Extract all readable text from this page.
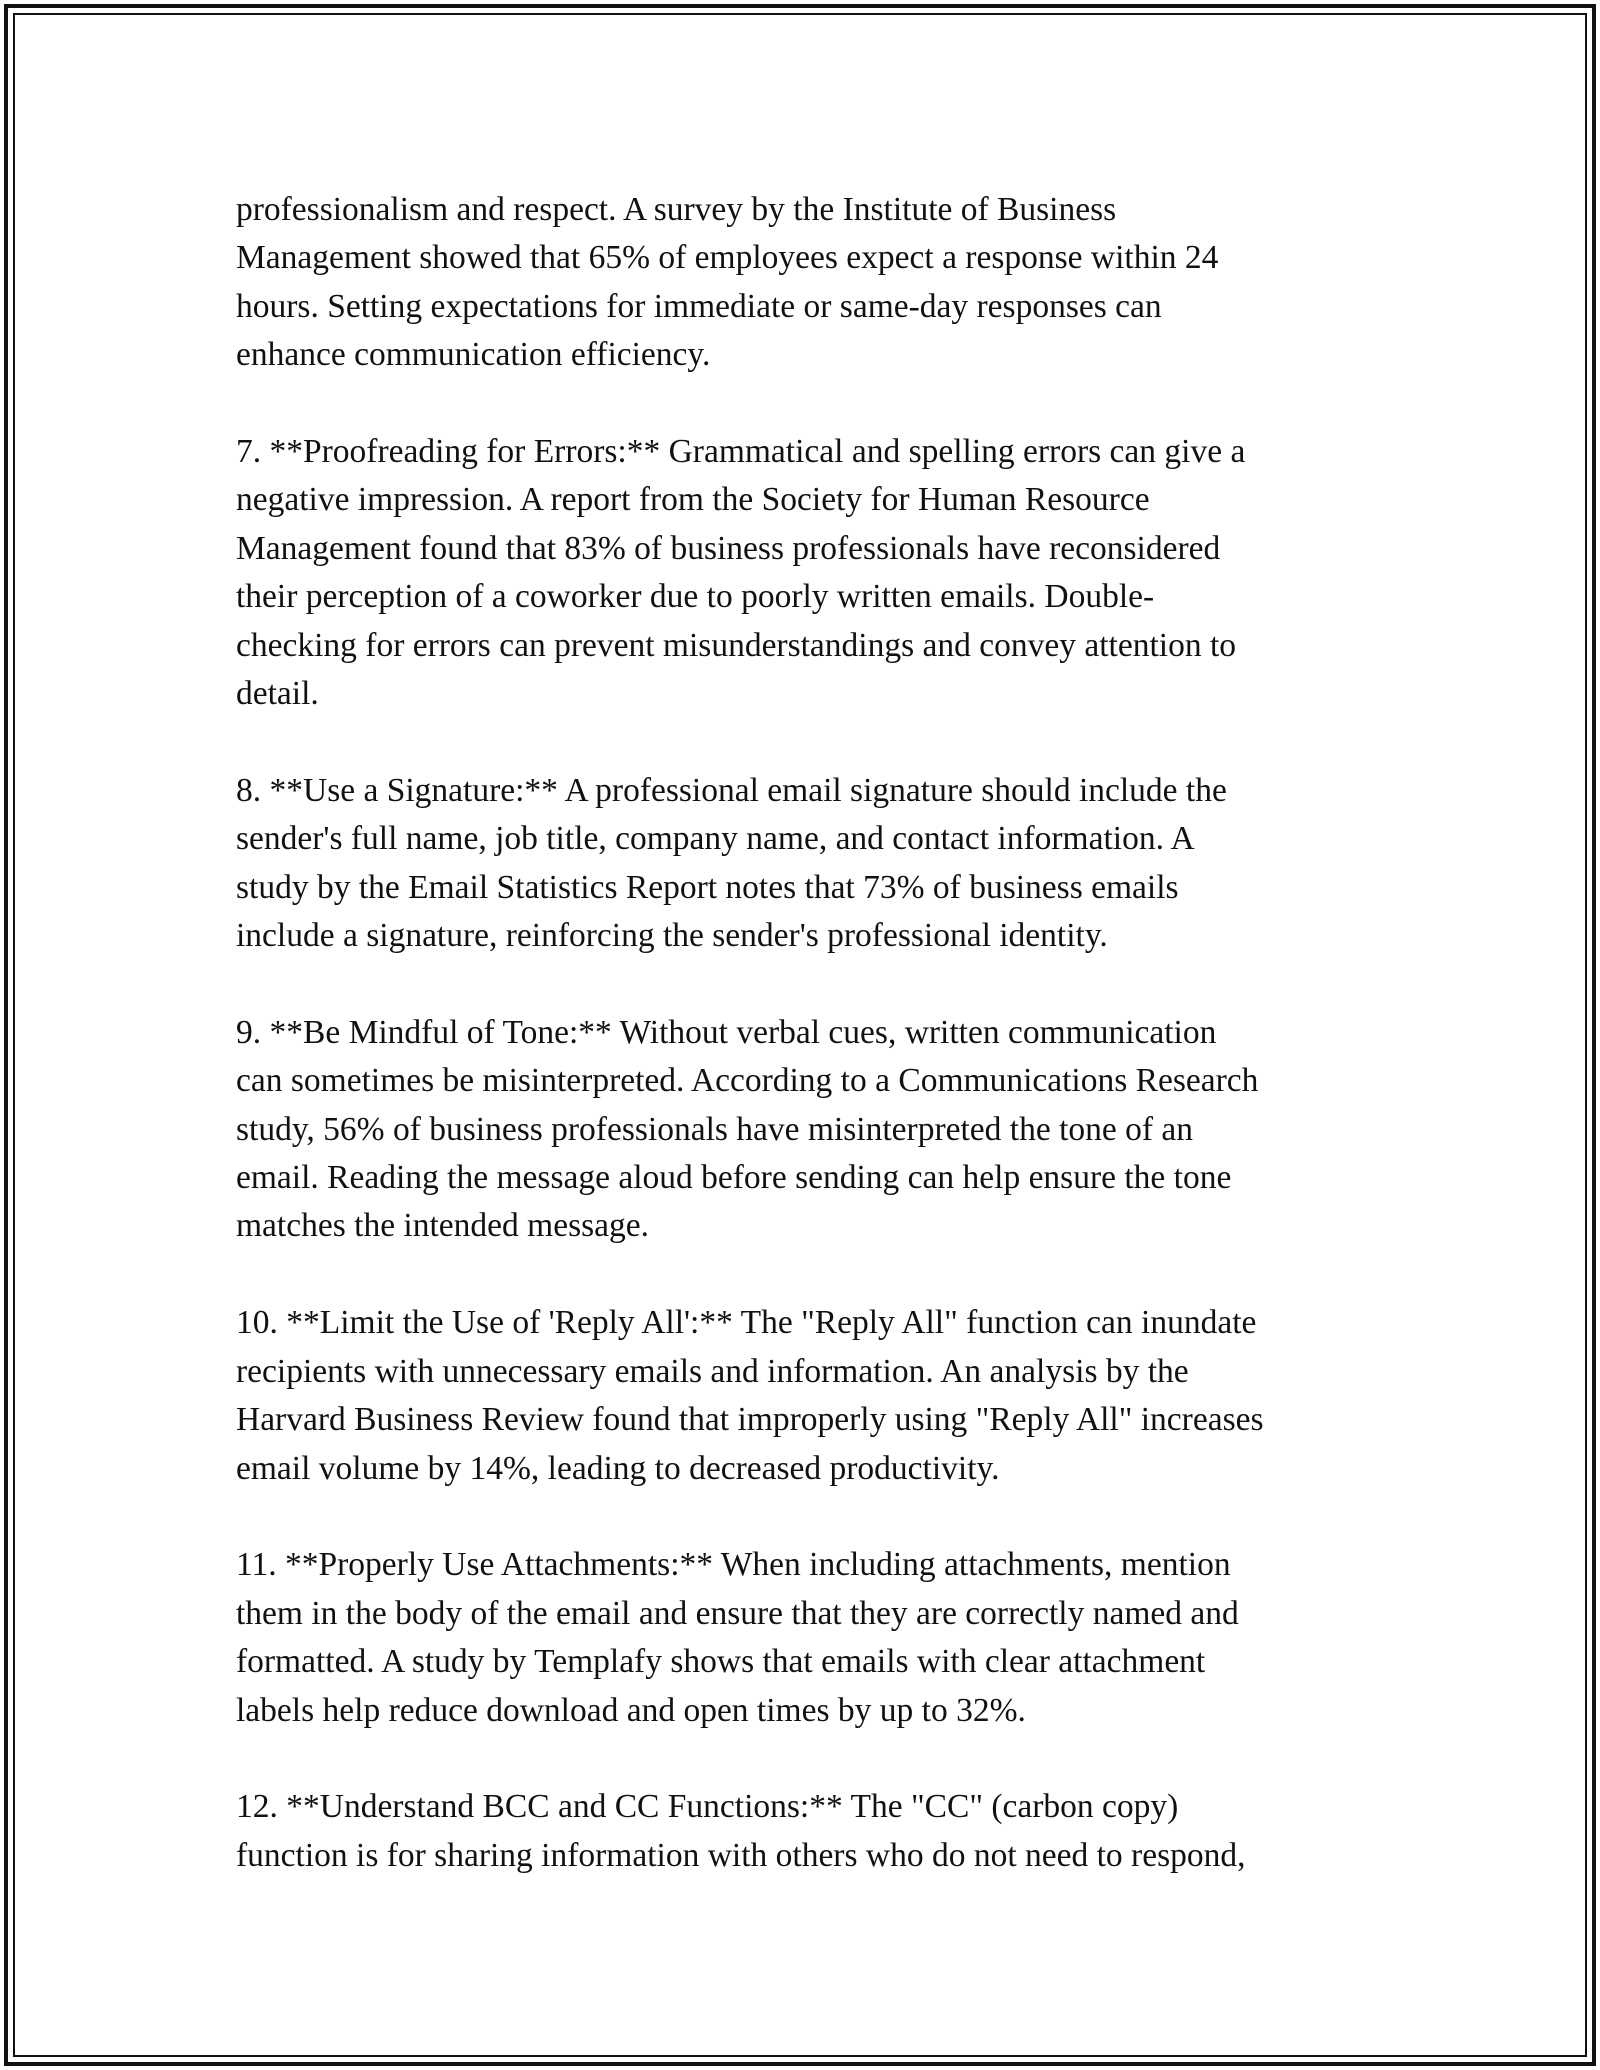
professionalism and respect. A survey by the Institute of Business
Management showed that 65% of employees expect a response within 24
hours. Setting expectations for immediate or same-day responses can
enhance communication efficiency.

7. **Proofreading for Errors:** Grammatical and spelling errors can give a
negative impression. A report from the Society for Human Resource
Management found that 83% of business professionals have reconsidered
their perception of a coworker due to poorly written emails. Double-
checking for errors can prevent misunderstandings and convey attention to
detail.

8. **Use a Signature:** A professional email signature should include the
sender's full name, job title, company name, and contact information. A
study by the Email Statistics Report notes that 73% of business emails
include a signature, reinforcing the sender's professional identity.

9. **Be Mindful of Tone:** Without verbal cues, written communication
can sometimes be misinterpreted. According to a Communications Research
study, 56% of business professionals have misinterpreted the tone of an
email. Reading the message aloud before sending can help ensure the tone
matches the intended message.

10. **Limit the Use of 'Reply All':** The "Reply All" function can inundate
recipients with unnecessary emails and information. An analysis by the
Harvard Business Review found that improperly using "Reply All" increases
email volume by 14%, leading to decreased productivity.

11. **Properly Use Attachments:** When including attachments, mention
them in the body of the email and ensure that they are correctly named and
formatted. A study by Templafy shows that emails with clear attachment
labels help reduce download and open times by up to 32%.

12. **Understand BCC and CC Functions:** The "CC" (carbon copy)
function is for sharing information with others who do not need to respond,
